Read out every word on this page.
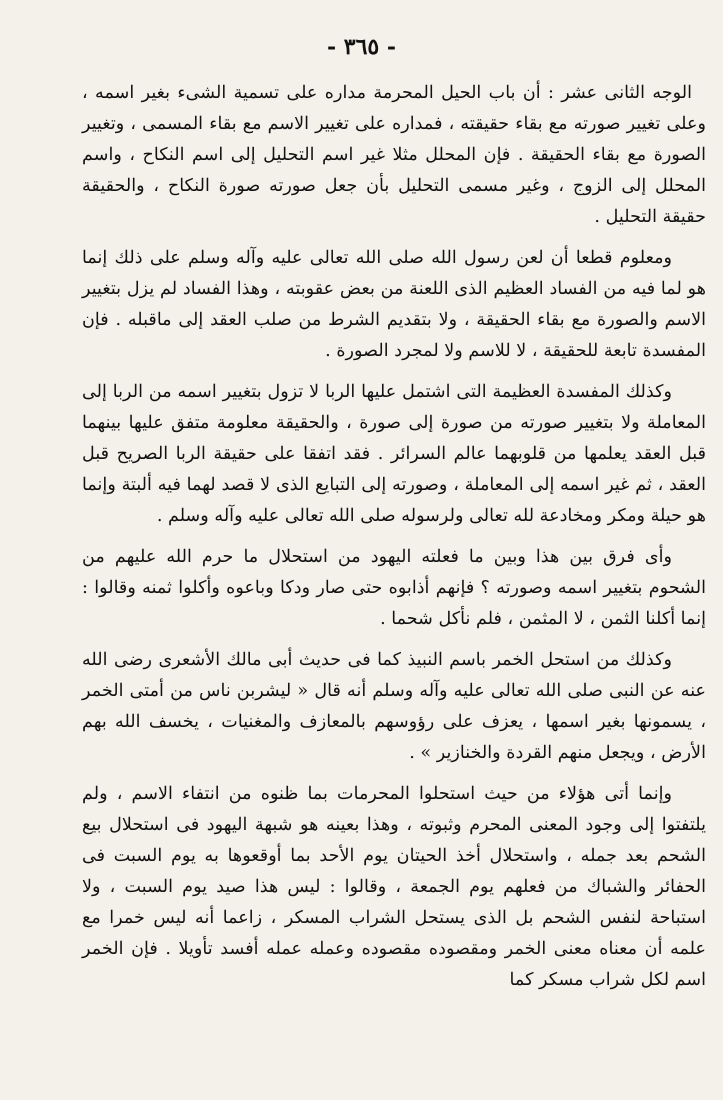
- ٣٦٥ -

الوجه الثانى عشر : أن باب الحيل المحرمة مداره على تسمية الشىء بغير اسمه ، وعلى تغيير صورته مع بقاء حقيقته ، فمداره على تغيير الاسم مع بقاء المسمى ، وتغيير الصورة مع بقاء الحقيقة . فإن المحلل مثلا غير اسم التحليل إلى اسم النكاح ، واسم المحلل إلى الزوج ، وغير مسمى التحليل بأن جعل صورته صورة النكاح ، والحقيقة حقيقة التحليل .

ومعلوم قطعا أن لعن رسول الله صلى الله تعالى عليه وآله وسلم على ذلك إنما هو لما فيه من الفساد العظيم الذى اللعنة من بعض عقوبته ، وهذا الفساد لم يزل بتغيير الاسم والصورة مع بقاء الحقيقة ، ولا بتقديم الشرط من صلب العقد إلى ماقبله . فإن المفسدة تابعة للحقيقة ، لا للاسم ولا لمجرد الصورة .

وكذلك المفسدة العظيمة التى اشتمل عليها الربا لا تزول بتغيير اسمه من الربا إلى المعاملة ولا بتغيير صورته من صورة إلى صورة ، والحقيقة معلومة متفق عليها بينهما قبل العقد يعلمها من قلوبهما عالم السرائر . فقد اتفقا على حقيقة الربا الصريح قبل العقد ، ثم غير اسمه إلى المعاملة ، وصورته إلى التبايع الذى لا قصد لهما فيه ألبتة وإنما هو حيلة ومكر ومخادعة لله تعالى ولرسوله صلى الله تعالى عليه وآله وسلم .

وأى فرق بين هذا وبين ما فعلته اليهود من استحلال ما حرم الله عليهم من الشحوم بتغيير اسمه وصورته ؟ فإنهم أذابوه حتى صار ودكا وباعوه وأكلوا ثمنه وقالوا : إنما أكلنا الثمن ، لا المثمن ، فلم نأكل شحما .

وكذلك من استحل الخمر باسم النبيذ كما فى حديث أبى مالك الأشعرى رضى الله عنه عن النبى صلى الله تعالى عليه وآله وسلم أنه قال « ليشربن ناس من أمتى الخمر ، يسمونها بغير اسمها ، يعزف على رؤوسهم بالمعازف والمغنيات ، يخسف الله بهم الأرض ، ويجعل منهم القردة والخنازير » .

وإنما أتى هؤلاء من حيث استحلوا المحرمات بما ظنوه من انتفاء الاسم ، ولم يلتفتوا إلى وجود المعنى المحرم وثبوته ، وهذا بعينه هو شبهة اليهود فى استحلال بيع الشحم بعد جمله ، واستحلال أخذ الحيتان يوم الأحد بما أوقعوها به يوم السبت فى الحفائر والشباك من فعلهم يوم الجمعة ، وقالوا : ليس هذا صيد يوم السبت ، ولا استباحة لنفس الشحم بل الذى يستحل الشراب المسكر ، زاعما أنه ليس خمرا مع علمه أن معناه معنى الخمر ومقصوده مقصوده وعمله عمله أفسد تأويلا . فإن الخمر اسم لكل شراب مسكر كما
